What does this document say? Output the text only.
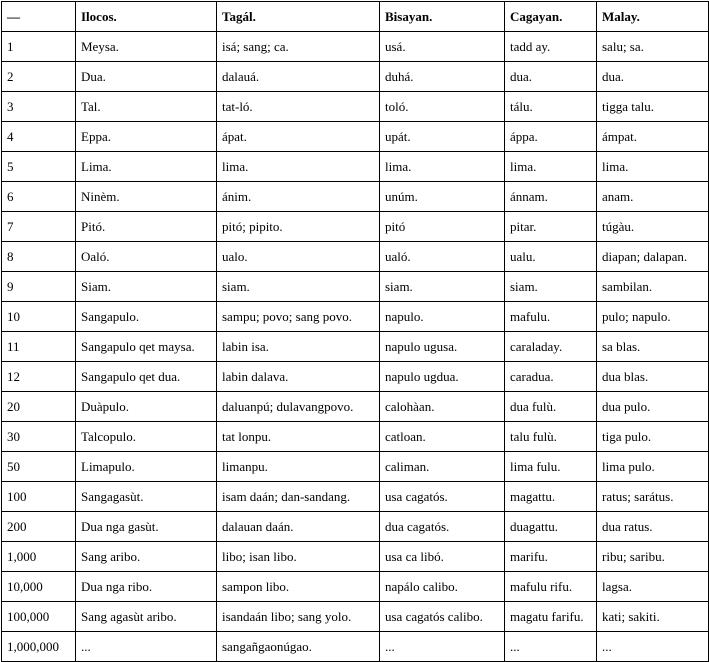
—	Ilocos.	Tagál.	Bisayan.	Cagayan.	Malay.
1	Meysa.	isá; sang; ca.	usá.	tadd ay.	salu; sa.
2	Dua.	dalauá.	duhá.	dua.	dua.
3	Tal.	tat-ló.	toló.	tálu.	tigga talu.
4	Eppa.	ápat.	upát.	áppa.	ámpat.
5	Lima.	lima.	lima.	lima.	lima.
6	Ninèm.	ánim.	unúm.	ánnam.	anam.
7	Pitó.	pitó; pipito.	pitó	pitar.	túgàu.
8	Oaló.	ualo.	ualó.	ualu.	diapan; dalapan.
9	Siam.	siam.	siam.	siam.	sambilan.
10	Sangapulo.	sampu; povo; sang povo.	napulo.	mafulu.	pulo; napulo.
11	Sangapulo qet maysa.	labin isa.	napulo ugusa.	caraladay.	sa blas.
12	Sangapulo qet dua.	labin dalava.	napulo ugdua.	caradua.	dua blas.
20	Duàpulo.	daluanpú; dulavangpovo.	calohàan.	dua fulù.	dua pulo.
30	Talcopulo.	tat lonpu.	catloan.	talu fulù.	tiga pulo.
50	Limapulo.	limanpu.	caliman.	lima fulu.	lima pulo.
100	Sangagasùt.	isam daán; dan-sandang.	usa cagatós.	magattu.	ratus; sarátus.
200	Dua nga gasùt.	dalauan daán.	dua cagatós.	duagattu.	dua ratus.
1,000	Sang aribo.	libo; isan libo.	usa ca libó.	marifu.	ribu; saribu.
10,000	Dua nga ribo.	sampon libo.	napálo calibo.	mafulu rifu.	lagsa.
100,000	Sang agasùt aribo.	isandaán libo; sang yolo.	usa cagatós calibo.	magatu farifu.	kati; sakiti.
1,000,000	...	sangañgaonúgao.	...	...	...
